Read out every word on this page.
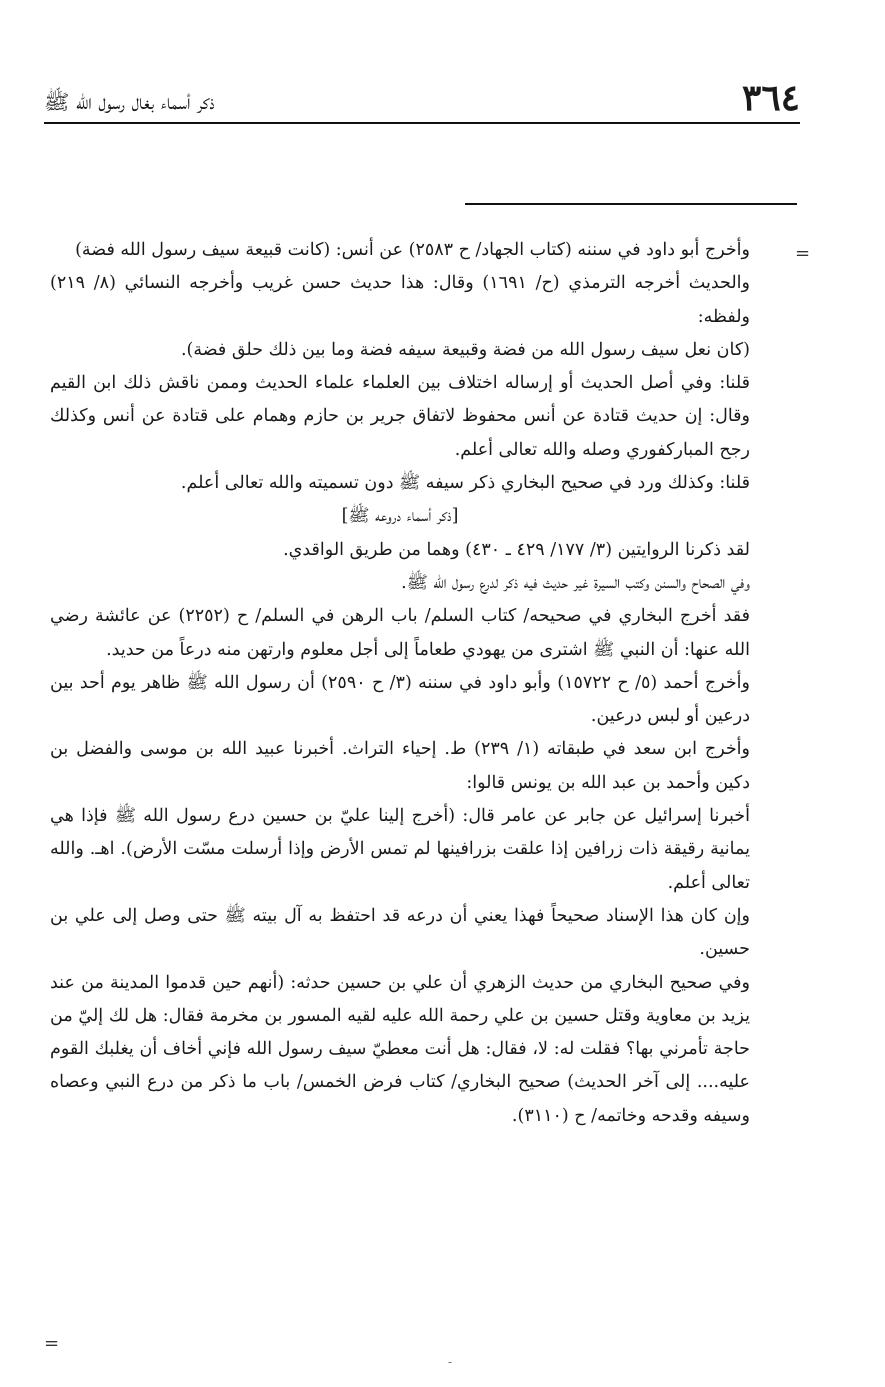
٣٦٤
ذكر أسماء بغال رسول الله ﷺ
=

وأخرج أبو داود في سننه (كتاب الجهاد/ ح ٢٥٨٣) عن أنس: (كانت قبيعة سيف رسول الله فضة)

والحديث أخرجه الترمذي (ح/ ١٦٩١) وقال: هذا حديث حسن غريب وأخرجه النسائي (٨/ ٢١٩) ولفظه:

(كان نعل سيف رسول الله من فضة وقبيعة سيفه فضة وما بين ذلك حلق فضة).

قلنا: وفي أصل الحديث أو إرساله اختلاف بين العلماء علماء الحديث وممن ناقش ذلك ابن القيم وقال: إن حديث قتادة عن أنس محفوظ لاتفاق جرير بن حازم وهمام على قتادة عن أنس وكذلك رجح المباركفوري وصله والله تعالى أعلم.

قلنا: وكذلك ورد في صحيح البخاري ذكر سيفه ﷺ دون تسميته والله تعالى أعلم.

[ذكر أسماء دروعه ﷺ]

لقد ذكرنا الروايتين (٣/ ١٧٧/ ٤٢٩ ـ ٤٣٠) وهما من طريق الواقدي.

وفي الصحاح والسنن وكتب السيرة غير حديث فيه ذكر لدرع رسول الله ﷺ.

فقد أخرج البخاري في صحيحه/ كتاب السلم/ باب الرهن في السلم/ ح (٢٢٥٢) عن عائشة رضي الله عنها: أن النبي ﷺ اشترى من يهودي طعاماً إلى أجل معلوم وارتهن منه درعاً من حديد.

وأخرج أحمد (٥/ ح ١٥٧٢٢) وأبو داود في سننه (٣/ ح ٢٥٩٠) أن رسول الله ﷺ ظاهر يوم أحد بين درعين أو لبس درعين.

وأخرج ابن سعد في طبقاته (١/ ٢٣٩) ط. إحياء التراث. أخبرنا عبيد الله بن موسى والفضل بن دكين وأحمد بن عبد الله بن يونس قالوا:

أخبرنا إسرائيل عن جابر عن عامر قال: (أخرج إلينا عليّ بن حسين درع رسول الله ﷺ فإذا هي يمانية رقيقة ذات زرافين إذا علقت بزرافينها لم تمس الأرض وإذا أرسلت مسّت الأرض). اهـ. والله تعالى أعلم.

وإن كان هذا الإسناد صحيحاً فهذا يعني أن درعه قد احتفظ به آل بيته ﷺ حتى وصل إلى علي بن حسين.

وفي صحيح البخاري من حديث الزهري أن علي بن حسين حدثه: (أنهم حين قدموا المدينة من عند يزيد بن معاوية وقتل حسين بن علي رحمة الله عليه لقيه المسور بن مخرمة فقال: هل لك إليّ من حاجة تأمرني بها؟ فقلت له: لا، فقال: هل أنت معطيّ سيف رسول الله فإني أخاف أن يغلبك القوم عليه.... إلى آخر الحديث) صحيح البخاري/ كتاب فرض الخمس/ باب ما ذكر من درع النبي وعصاه وسيفه وقدحه وخاتمه/ ح (٣١١٠).

=
-
